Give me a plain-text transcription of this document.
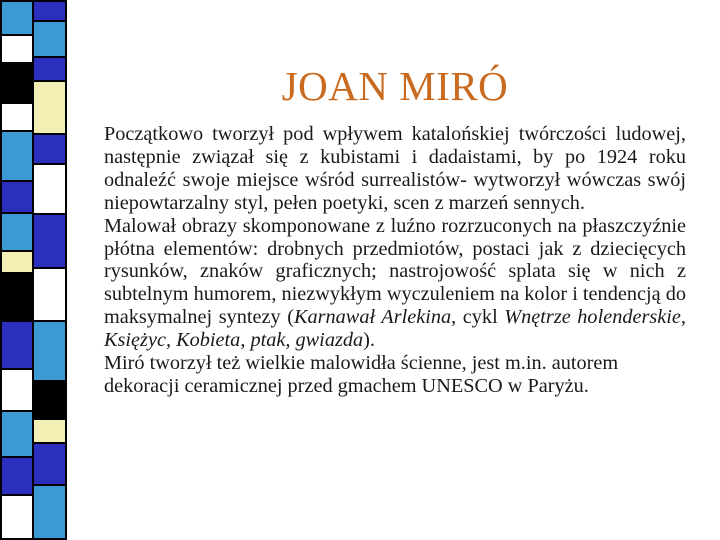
JOAN MIRÓ

Początkowo tworzył pod wpływem katalońskiej twórczości ludowej, następnie związał się z kubistami i dadaistami, by po 1924 roku odnaleźć swoje miejsce wśród surrealistów- wytworzył wówczas swój niepowtarzalny styl, pełen poetyki, scen z marzeń sennych.

Malował obrazy skomponowane z luźno rozrzuconych na płaszczyźnie płótna elementów: drobnych przedmiotów, postaci jak z dziecięcych rysunków, znaków graficznych; nastrojowość splata się w nich z subtelnym humorem, niezwykłym wyczuleniem na kolor i tendencją do maksymalnej syntezy (Karnawał Arlekina, cykl Wnętrze holenderskie, Księżyc, Kobieta, ptak, gwiazda).

Miró tworzył też wielkie malowidła ścienne, jest m.in. autorem dekoracji ceramicznej przed gmachem UNESCO w Paryżu.
